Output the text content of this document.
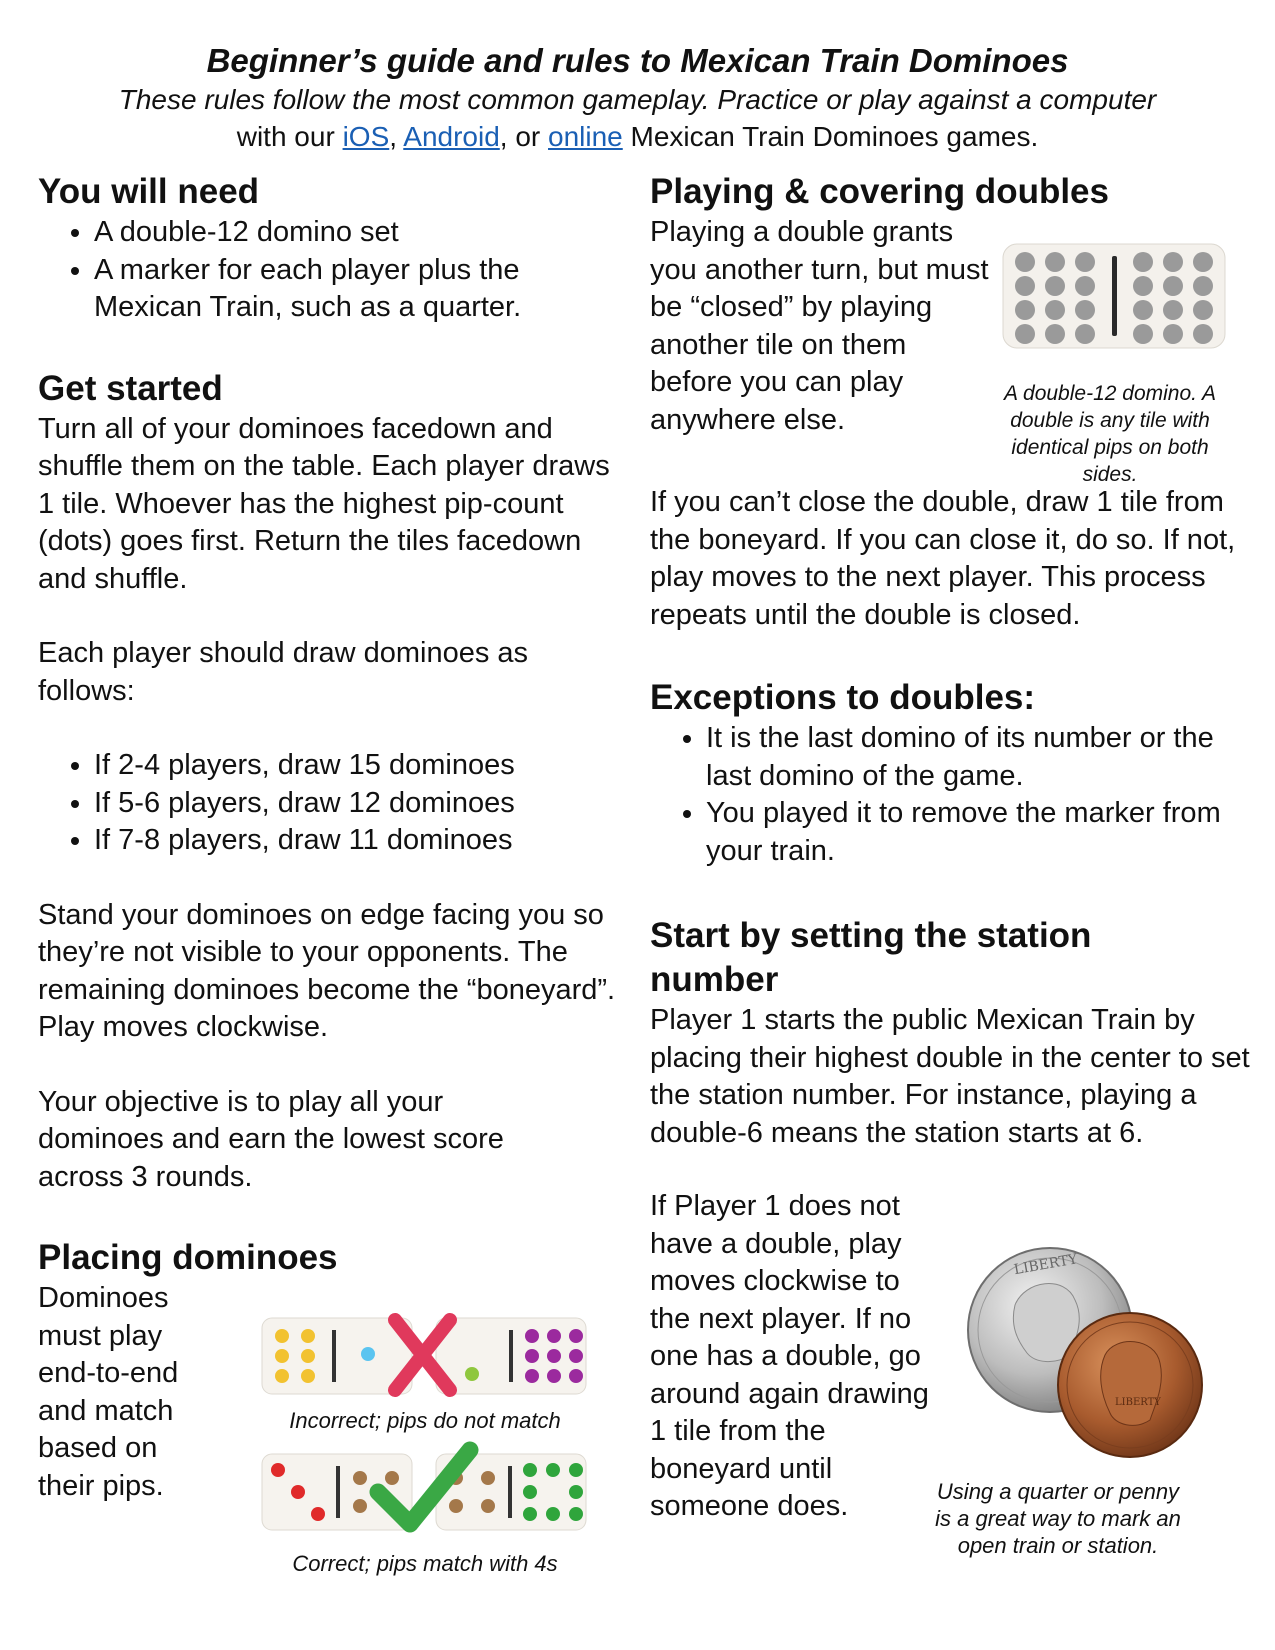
Beginner’s guide and rules to Mexican Train Dominoes

These rules follow the most common gameplay. Practice or play against a computer

with our iOS, Android, or online Mexican Train Dominoes games.

You will need
• A double-12 domino set
• A marker for each player plus the Mexican Train, such as a quarter.
Get started

Turn all of your dominoes facedown and shuffle them on the table. Each player draws 1 tile. Whoever has the highest pip-count (dots) goes first. Return the tiles facedown and shuffle.

Each player should draw dominoes as follows:

• If 2-4 players, draw 15 dominoes
• If 5-6 players, draw 12 dominoes
• If 7-8 players, draw 11 dominoes

Stand your dominoes on edge facing you so they’re not visible to your opponents. The remaining dominoes become the “boneyard”. Play moves clockwise.

Your objective is to play all your dominoes and earn the lowest score across 3 rounds.

Placing dominoes

Dominoes must play end-to-end and match based on their pips.

Incorrect; pips do not match
Correct; pips match with 4s
Playing & covering doubles

Playing a double grants you another turn, but must be “closed” by playing another tile on them before you can play anywhere else.

A double-12 domino. A double is any tile with identical pips on both sides.

If you can’t close the double, draw 1 tile from the boneyard. If you can close it, do so. If not, play moves to the next player. This process repeats until the double is closed.

Exceptions to doubles:
• It is the last domino of its number or the last domino of the game.
• You played it to remove the marker from your train.
Start by setting the station number

Player 1 starts the public Mexican Train by placing their highest double in the center to set the station number. For instance, playing a double-6 means the station starts at 6.

If Player 1 does not have a double, play moves clockwise to the next player. If no one has a double, go around again drawing 1 tile from the boneyard until someone does.

LIBERTY
LIBERTY
Using a quarter or penny is a great way to mark an open train or station.
